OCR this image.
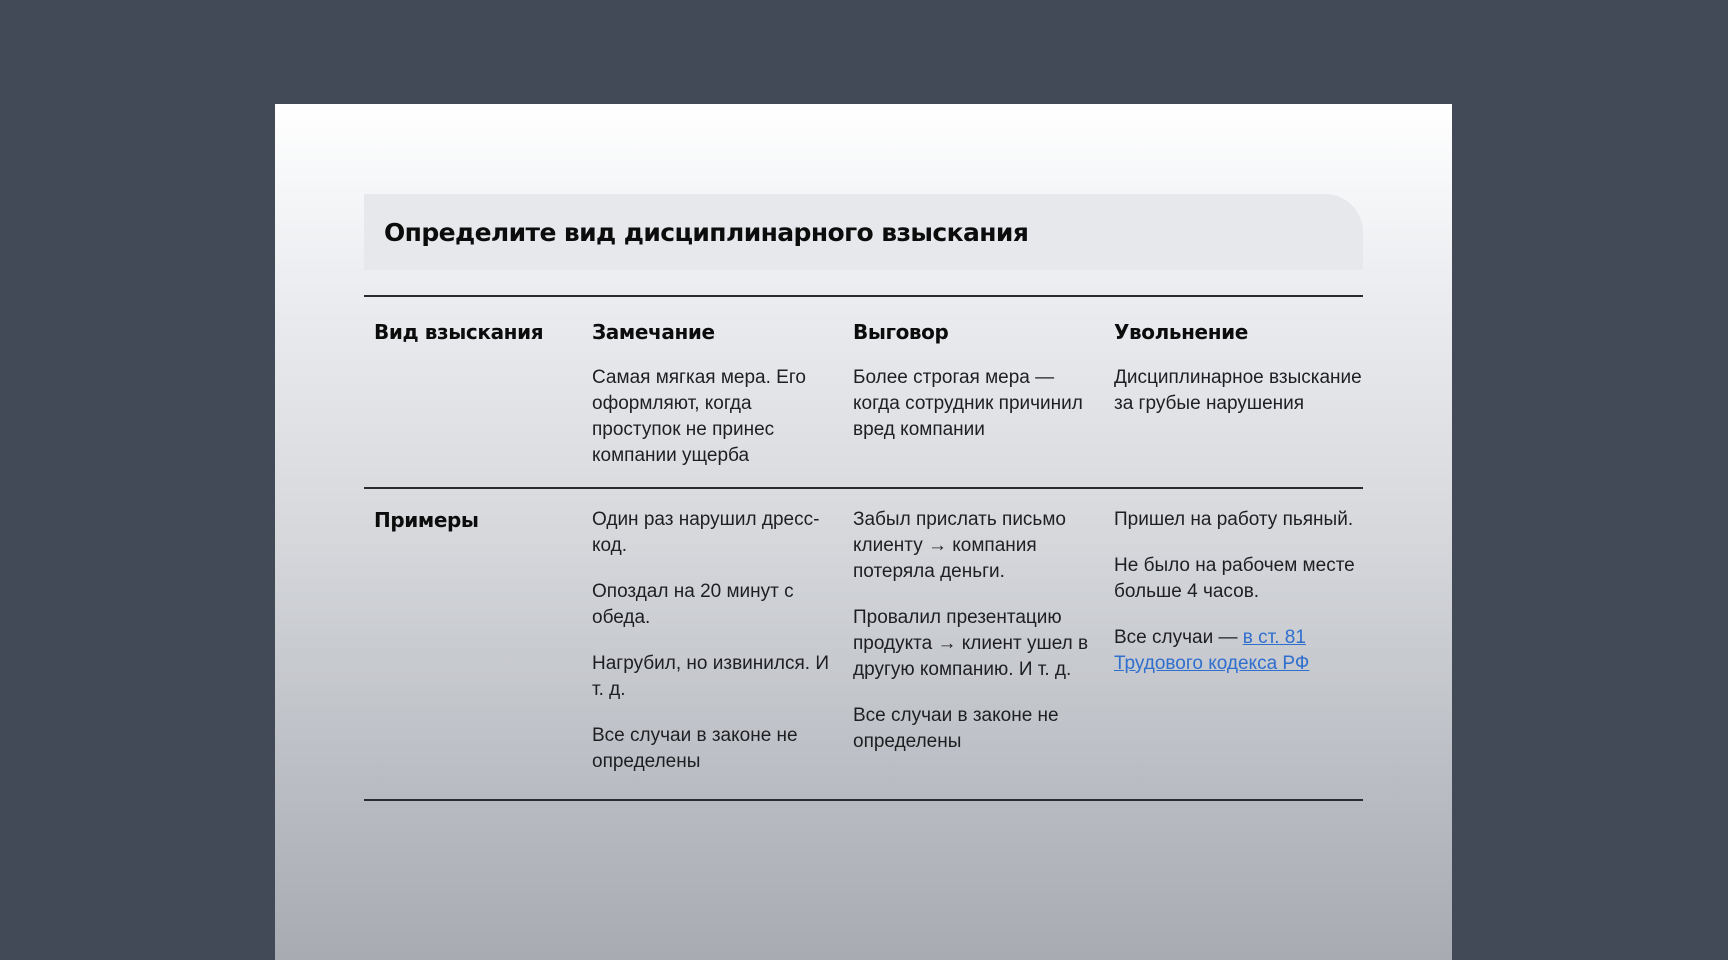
Определите вид дисциплинарного взыскания
Вид взыскания	Замечание

Самая мягкая мера. Его оформляют, когда проступок не принес компании ущерба

Выговор

Более строгая мера — когда сотрудник причинил вред компании

Увольнение

Дисциплинарное взыскание за грубые нарушения

Примеры	Один раз нарушил дресс-код.

Опоздал на 20 минут с обеда.

Нагрубил, но извинился. И т. д.

Все случаи в законе не определены

Забыл прислать письмо клиенту → компания потеряла деньги.

Провалил презентацию продукта → клиент ушел в другую компанию. И т. д.

Все случаи в законе не определены

Пришел на работу пьяный.

Не было на рабочем месте больше 4 часов.

Все случаи — в ст. 81 Трудового кодекса РФ
